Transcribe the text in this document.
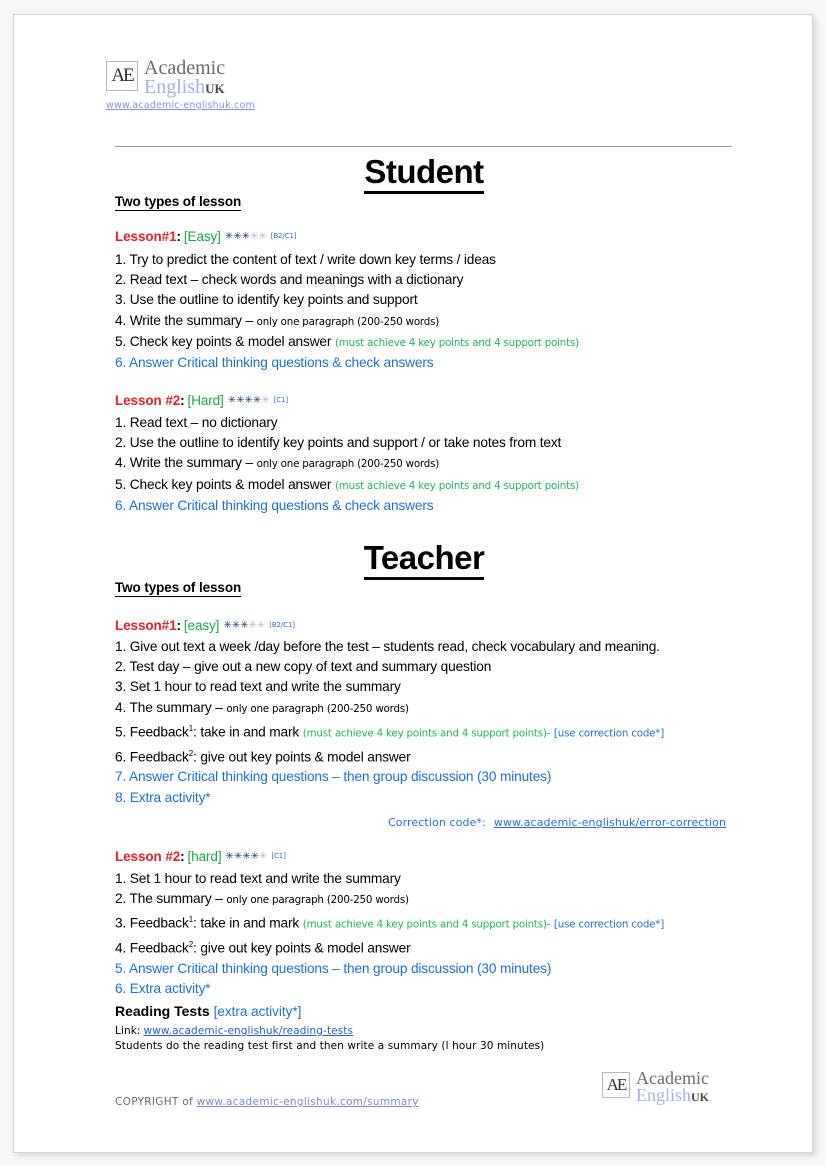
AE Academic
EnglishUK
www.academic-englishuk.com
Student
Two types of lesson
Lesson#1: [Easy] ✳✳✳✳✳ [B2/C1]
1. Try to predict the content of text / write down key terms / ideas
2. Read text – check words and meanings with a dictionary
3. Use the outline to identify key points and support
4. Write the summary – only one paragraph (200-250 words)
5. Check key points & model answer (must achieve 4 key points and 4 support points)
6. Answer Critical thinking questions & check answers
Lesson #2: [Hard] ✳✳✳✳✳ [C1]
1. Read text – no dictionary
2. Use the outline to identify key points and support / or take notes from text
4. Write the summary – only one paragraph (200-250 words)
5. Check key points & model answer (must achieve 4 key points and 4 support points)
6. Answer Critical thinking questions & check answers
Teacher
Two types of lesson
Lesson#1: [easy] ✳✳✳✳✳ [B2/C1]
1. Give out text a week /day before the test – students read, check vocabulary and meaning.
2. Test day – give out a new copy of text and summary question
3. Set 1 hour to read text and write the summary
4. The summary – only one paragraph (200-250 words)
5. Feedback$^1$: take in and mark (must achieve 4 key points and 4 support points)- [use correction code*]
6. Feedback$^2$: give out key points & model answer
7. Answer Critical thinking questions – then group discussion (30 minutes)
8. Extra activity*
Correction code*: www.academic-englishuk/error-correction
Lesson #2: [hard] ✳✳✳✳✳ [C1]
1. Set 1 hour to read text and write the summary
2. The summary – only one paragraph (200-250 words)
3. Feedback$^1$: take in and mark (must achieve 4 key points and 4 support points)- [use correction code*]
4. Feedback$^2$: give out key points & model answer
5. Answer Critical thinking questions – then group discussion (30 minutes)
6. Extra activity*
Reading Tests [extra activity*]
Link: www.academic-englishuk/reading-tests
Students do the reading test first and then write a summary (l hour 30 minutes)
COPYRIGHT of www.academic-englishuk.com/summary
AE Academic
EnglishUK
